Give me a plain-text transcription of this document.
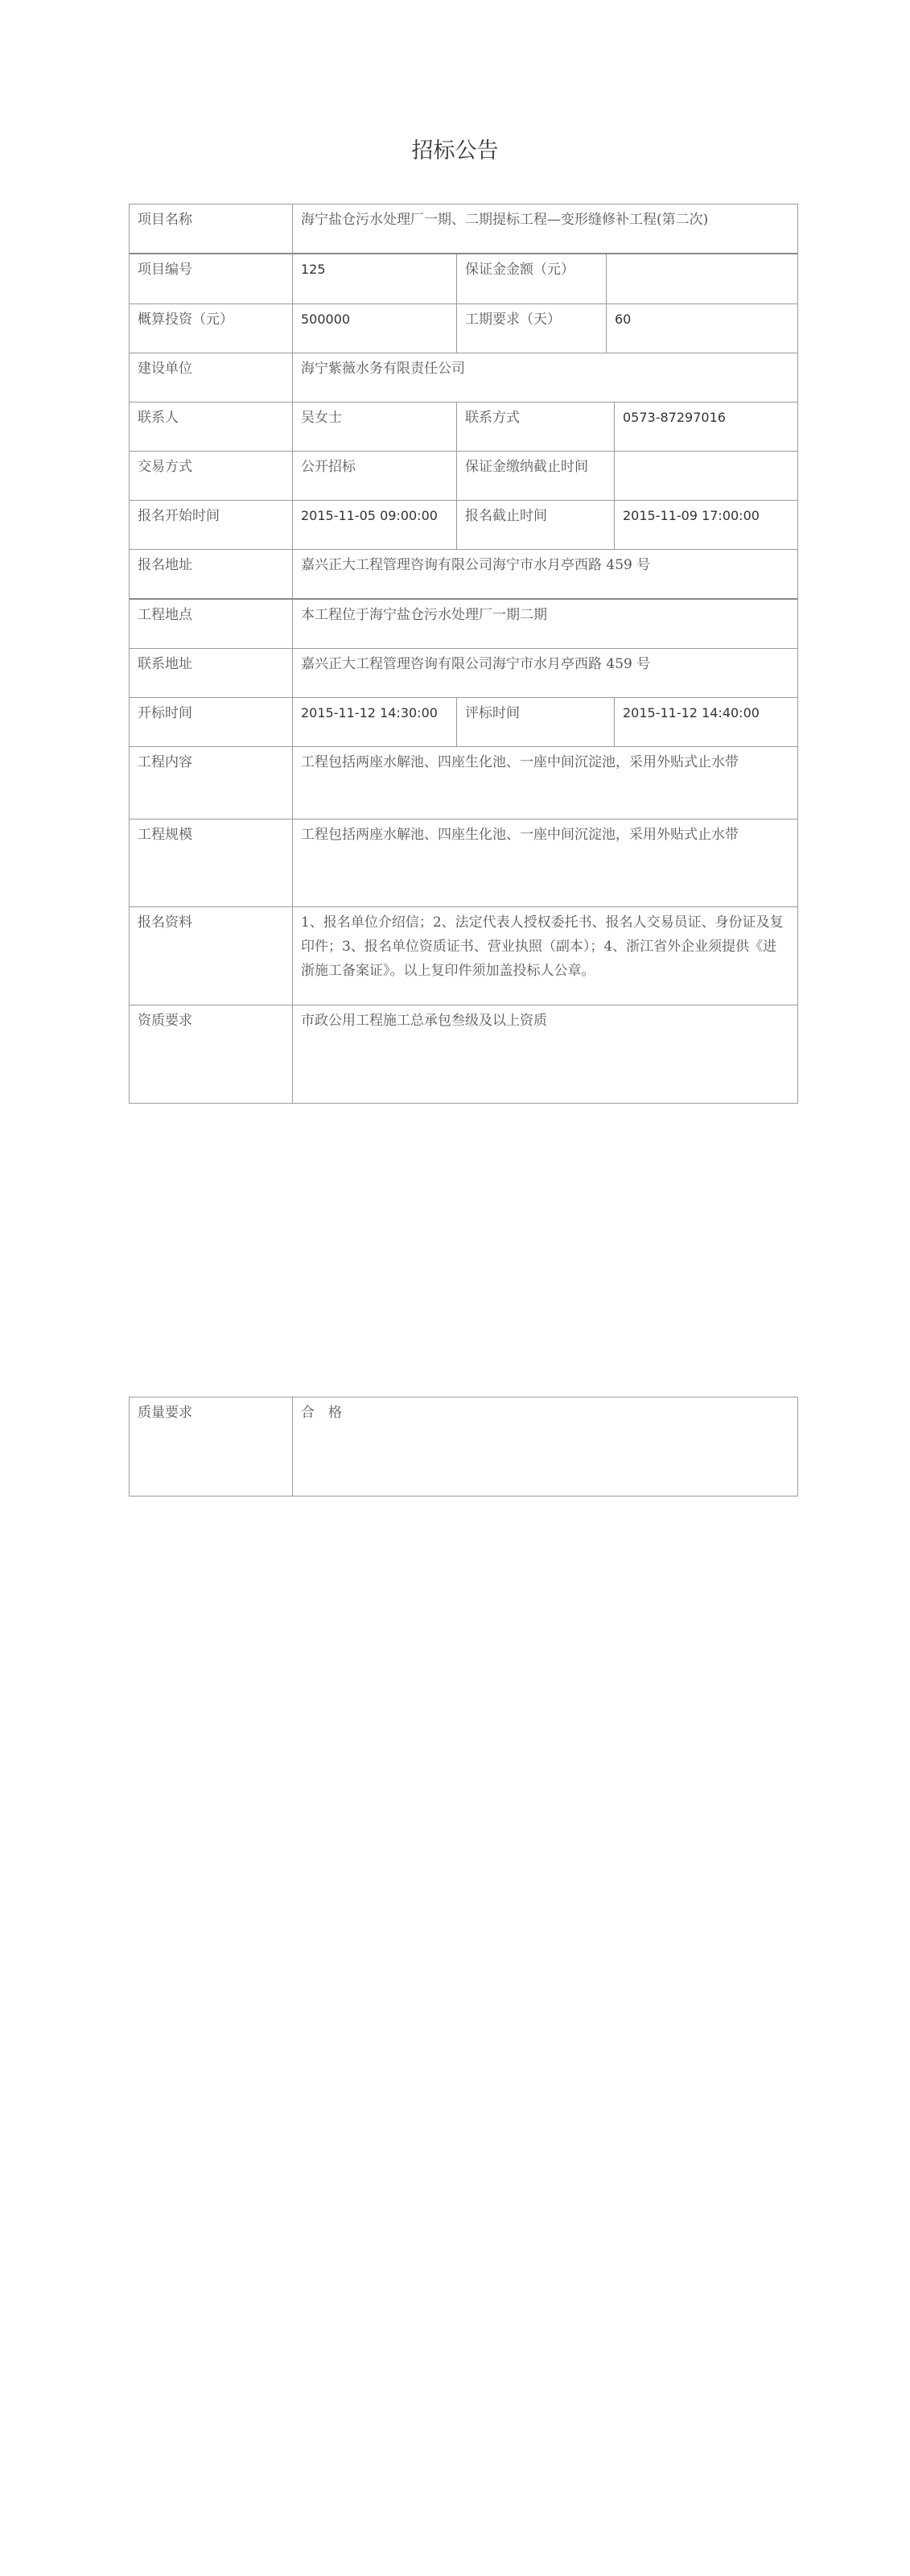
招标公告
项目名称	海宁盐仓污水处理厂一期、二期提标工程—变形缝修补工程(第二次)
项目编号	125	保证金金额（元）
概算投资（元）	500000	工期要求（天）	60
建设单位	海宁紫薇水务有限责任公司
联系人	吴女士	联系方式	0573-87297016
交易方式	公开招标	保证金缴纳截止时间
报名开始时间	2015-11-05 09:00:00	报名截止时间	2015-11-09 17:00:00
报名地址	嘉兴正大工程管理咨询有限公司海宁市水月亭西路 459 号
工程地点	本工程位于海宁盐仓污水处理厂一期二期
联系地址	嘉兴正大工程管理咨询有限公司海宁市水月亭西路 459 号
开标时间	2015-11-12 14:30:00	评标时间	2015-11-12 14:40:00
工程内容	工程包括两座水解池、四座生化池、一座中间沉淀池，采用外贴式止水带
工程规模	工程包括两座水解池、四座生化池、一座中间沉淀池，采用外贴式止水带
报名资料	1、报名单位介绍信；2、法定代表人授权委托书、报名人交易员证、身份证及复印件；3、报名单位资质证书、营业执照（副本）；4、浙江省外企业须提供《进浙施工备案证》。以上复印件须加盖投标人公章。
资质要求	市政公用工程施工总承包叁级及以上资质
质量要求	合　格
